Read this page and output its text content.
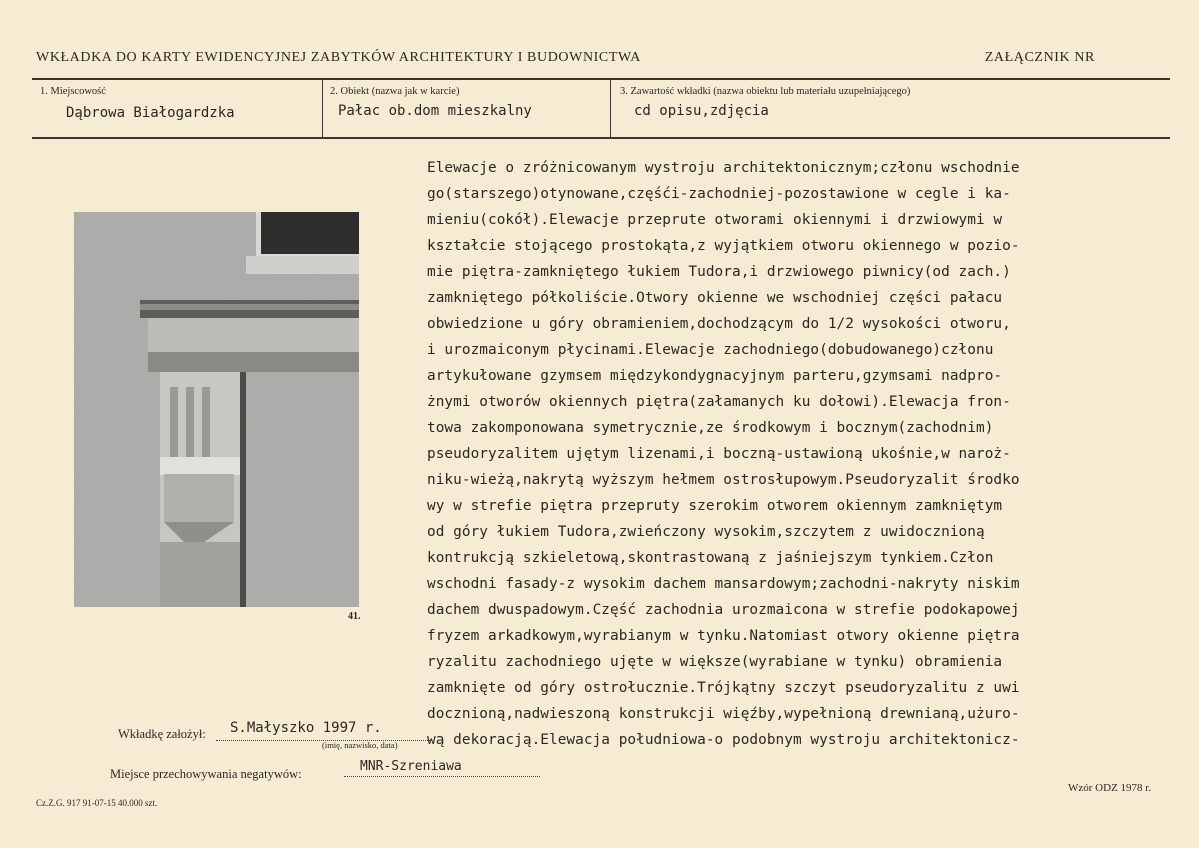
WKŁADKA DO KARTY EWIDENCYJNEJ ZABYTKÓW ARCHITEKTURY I BUDOWNICTWA	ZAŁĄCZNIK NR
1. Miejscowość
Dąbrowa Białogardzka
2. Obiekt (nazwa jak w karcie)
Pałac ob.dom mieszkalny
3. Zawartość wkładki (nazwa obiektu lub materiału uzupełniającego)
cd opisu,zdjęcia
41.
Elewacje o zróżnicowanym wystroju architektonicznym;członu wschodnie
go(starszego)otynowane,częśći-zachodniej-pozostawione w cegle i ka-
mieniu(cokół).Elewacje przeprute otworami okiennymi i drzwiowymi w
kształcie stojącego prostokąta,z wyjątkiem otworu okiennego w pozio-
mie piętra-zamkniętego łukiem Tudora,i drzwiowego piwnicy(od zach.)
zamkniętego półkoliście.Otwory okienne we wschodniej części pałacu
obwiedzione u góry obramieniem,dochodzącym do 1/2 wysokości otworu,
i urozmaiconym płycinami.Elewacje zachodniego(dobudowanego)członu
artykułowane gzymsem międzykondygnacyjnym parteru,gzymsami nadpro-
żnymi otworów okiennych piętra(załamanych ku dołowi).Elewacja fron-
towa zakomponowana symetrycznie,ze środkowym i bocznym(zachodnim)
pseudoryzalitem ujętym lizenami,i boczną-ustawioną ukośnie,w naroż-
niku-wieżą,nakrytą wyższym hełmem ostrosłupowym.Pseudoryzalit środko
wy w strefie piętra przepruty szerokim otworem okiennym zamkniętym
od góry łukiem Tudora,zwieńczony wysokim,szczytem z uwidocznioną
kontrukcją szkieletową,skontrastowaną z jaśniejszym tynkiem.Człon
wschodni fasady-z wysokim dachem mansardowym;zachodni-nakryty niskim
dachem dwuspadowym.Część zachodnia urozmaicona w strefie podokapowej
fryzem arkadkowym,wyrabianym w tynku.Natomiast otwory okienne piętra
ryzalitu zachodniego ujęte w większe(wyrabiane w tynku) obramienia
zamknięte od góry ostrołucznie.Trójkątny szczyt pseudoryzalitu z uwi
docznioną,nadwieszoną konstrukcji więźby,wypełnioną drewnianą,użuro-
wą dekoracją.Elewacja południowa-o podobnym wystroju architektonicz-
Wkładkę założył: S.Małyszko 1997 r.
(imię, nazwisko, data)
Miejsce przechowywania negatywów:	MNR-Szreniawa
Cz.Z.G. 917 91-07-15 40.000 szt.
Wzór ODZ 1978 r.
